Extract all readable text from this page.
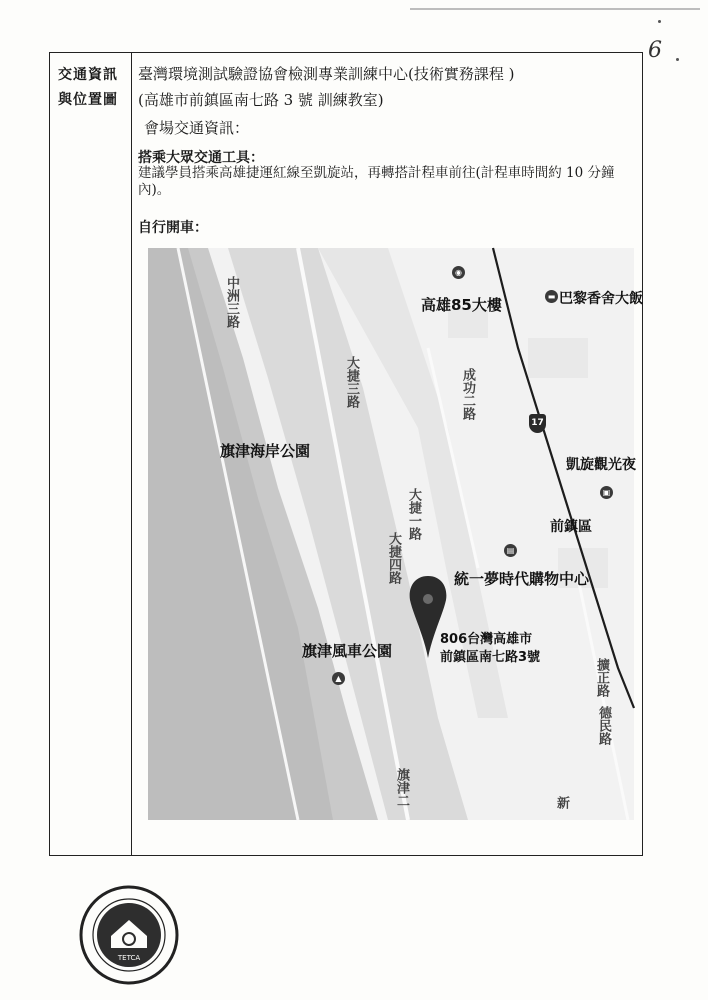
6
交通資訊
與位置圖
臺灣環境測試驗證協會檢測專業訓練中心(技術實務課程 )
(高雄市前鎮區南七路 3 號 訓練教室)
會場交通資訊：
搭乘大眾交通工具：
建議學員搭乘高雄捷運紅線至凱旋站，再轉搭計程車前往(計程車時間約 10 分鐘內)。
自行開車：
◉
高雄85大樓	▬ 巴黎香舍大飯
17
旗津海岸公園
凱旋觀光夜
▣
前鎮區
▤
統一夢時代購物中心
旗津風車公園
▲
806台灣高雄市
前鎮區南七路3號
中洲三路
大捷三路	成功二路
大捷一路
大捷四路
擴正路
德民路
旗津二	新
TETCA
